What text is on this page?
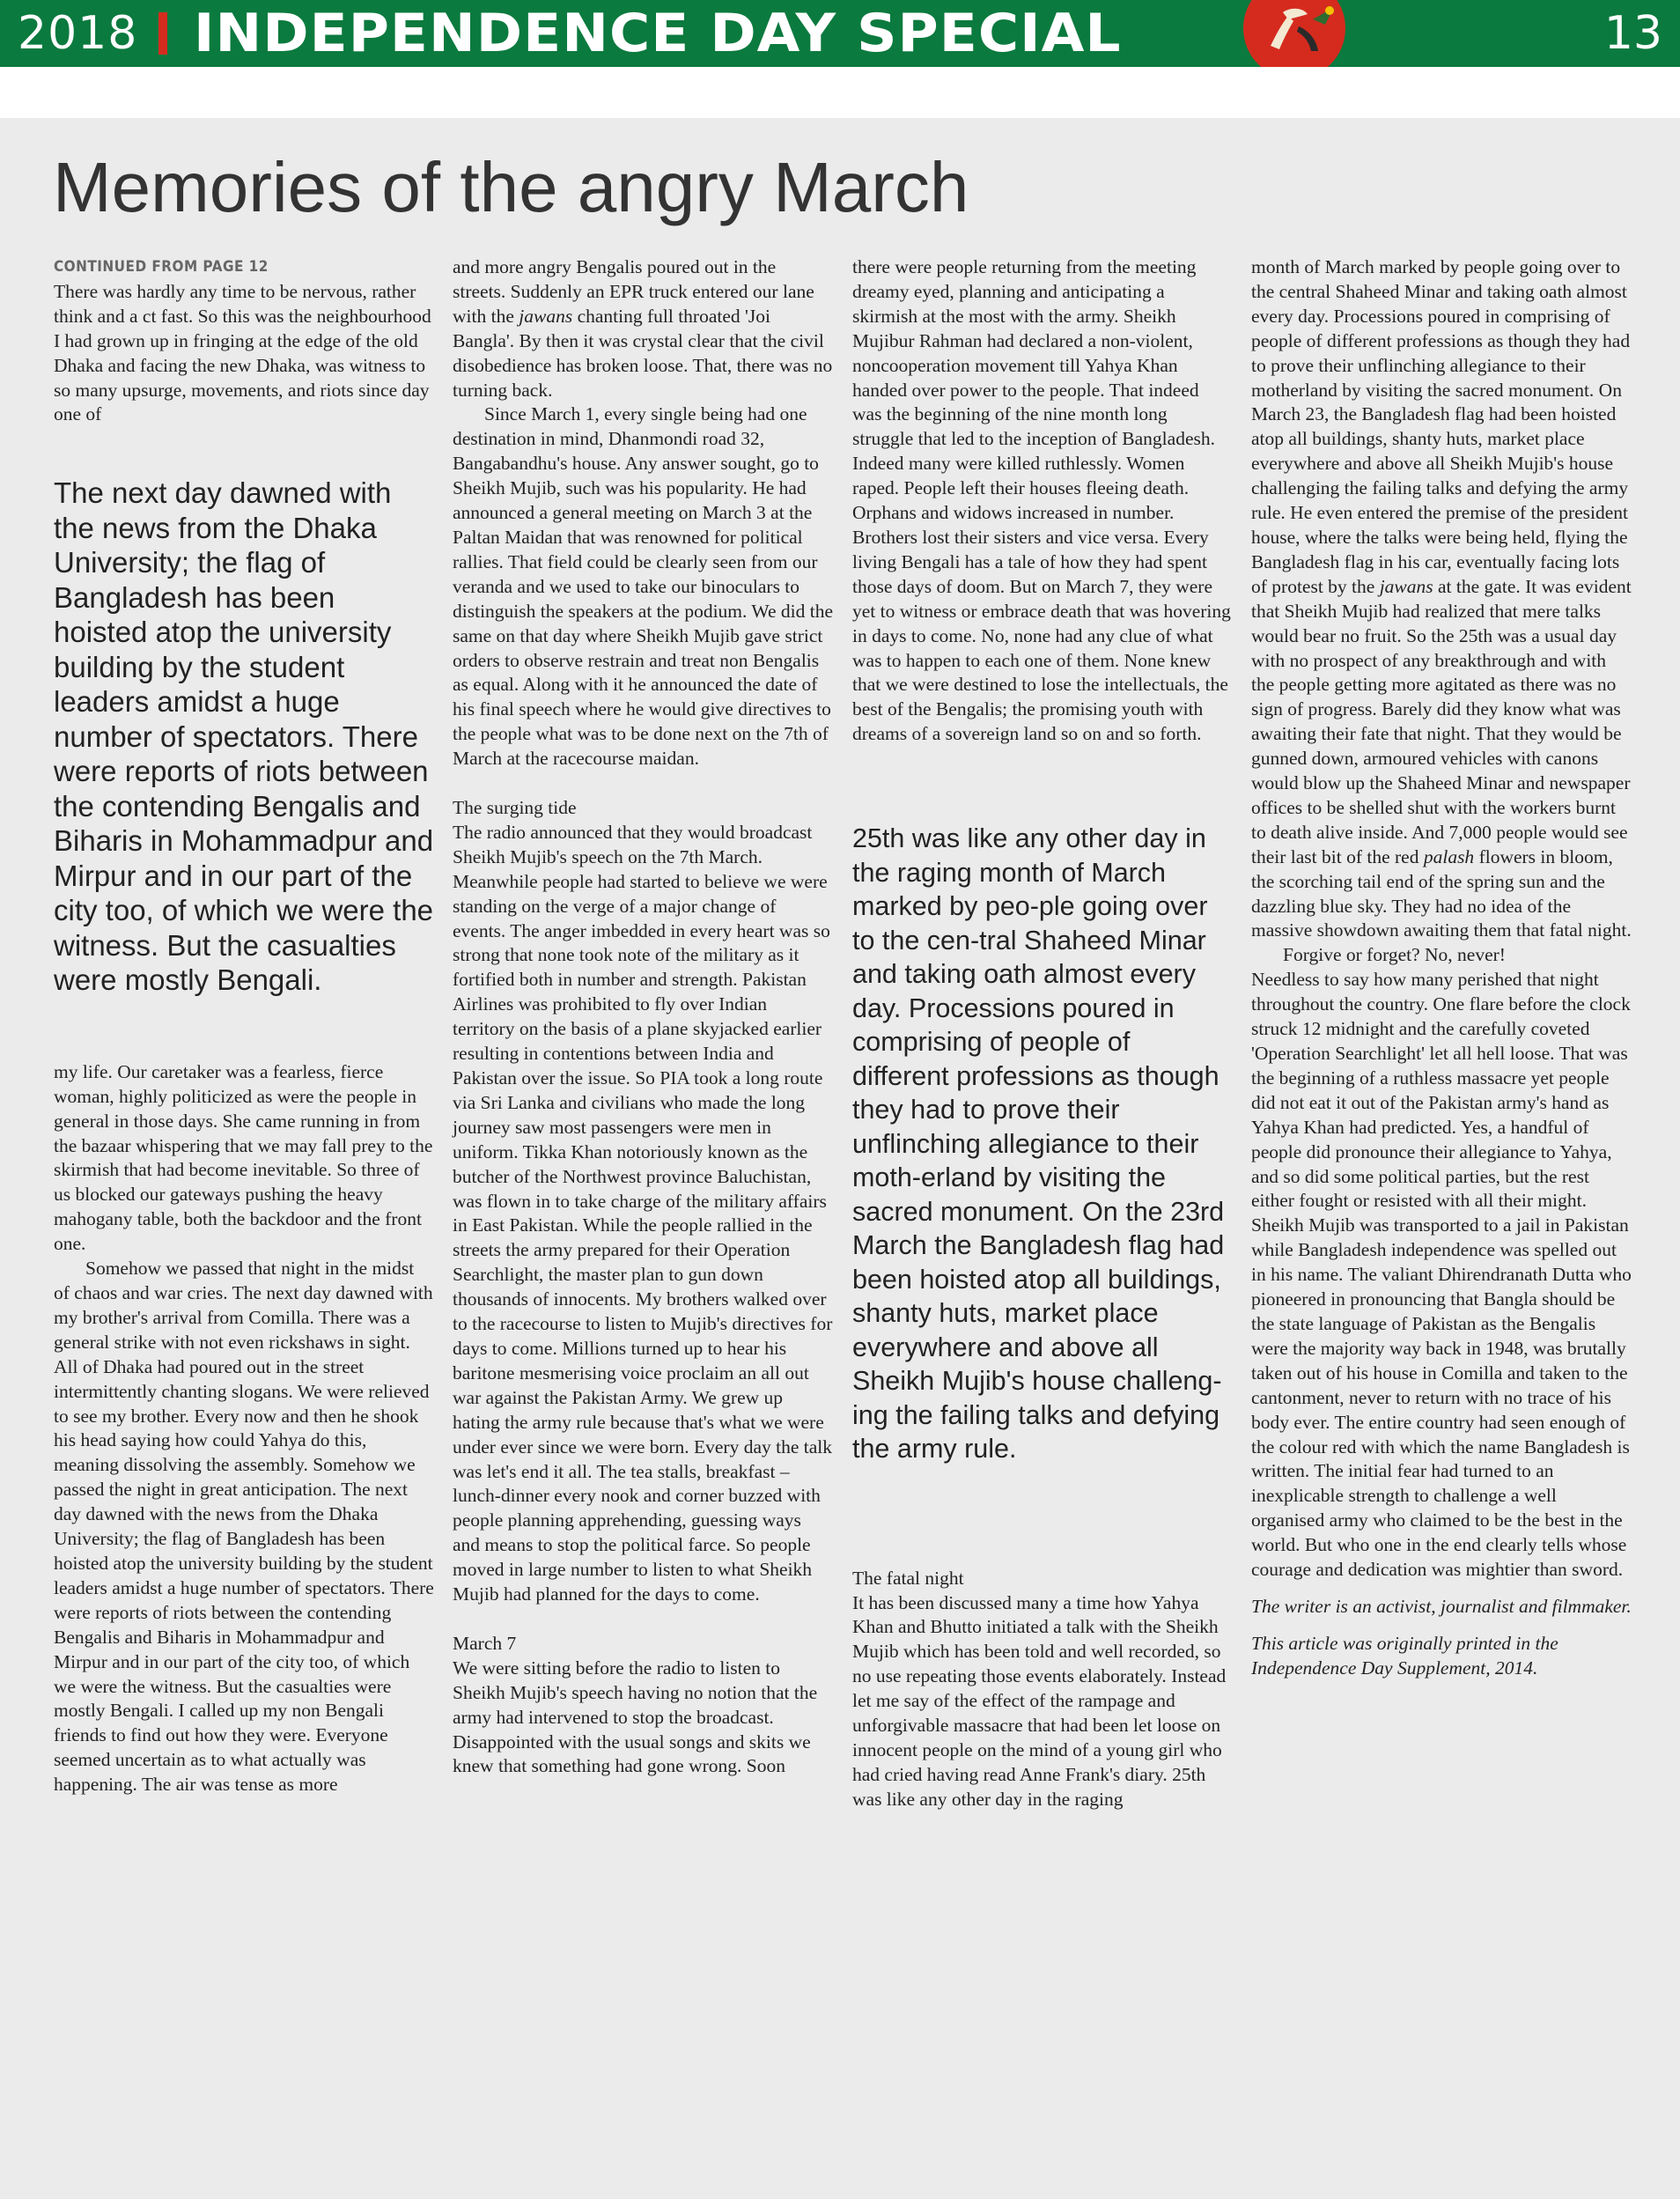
2018 INDEPENDENCE DAY SPECIAL	13
Memories of the angry March

CONTINUED FROM PAGE 12

There was hardly any time to be nervous, rather think and a ct fast. So this was the neighbourhood I had grown up in fringing at the edge of the old Dhaka and facing the new Dhaka, was witness to so many upsurge, movements, and riots since day one of

The next day dawned with the news from the Dhaka University; the flag of Bangladesh has been hoisted atop the university building by the student leaders amidst a huge number of spectators. There were reports of riots between the contending Bengalis and Biharis in Mohammadpur and Mirpur and in our part of the city too, of which we were the witness. But the casualties were mostly Bengali.

my life. Our caretaker was a fearless, fierce woman, highly politicized as were the people in general in those days. She came running in from the bazaar whispering that we may fall prey to the skirmish that had become inevitable. So three of us blocked our gateways pushing the heavy mahogany table, both the backdoor and the front one.

Somehow we passed that night in the midst of chaos and war cries. The next day dawned with my brother's arrival from Comilla. There was a general strike with not even rickshaws in sight. All of Dhaka had poured out in the street intermittently chanting slogans. We were relieved to see my brother. Every now and then he shook his head saying how could Yahya do this, meaning dissolving the assembly. Somehow we passed the night in great anticipation. The next day dawned with the news from the Dhaka University; the flag of Bangladesh has been hoisted atop the university building by the student leaders amidst a huge number of spectators. There were reports of riots between the contending Bengalis and Biharis in Mohammadpur and Mirpur and in our part of the city too, of which we were the witness. But the casualties were mostly Bengali. I called up my non Bengali friends to find out how they were. Everyone seemed uncertain as to what actually was happening. The air was tense as more

and more angry Bengalis poured out in the streets. Suddenly an EPR truck entered our lane with the jawans chanting full throated 'Joi Bangla'. By then it was crystal clear that the civil disobedience has broken loose. That, there was no turning back.

Since March 1, every single being had one destination in mind, Dhanmondi road 32, Bangabandhu's house. Any answer sought, go to Sheikh Mujib, such was his popularity. He had announced a general meeting on March 3 at the Paltan Maidan that was renowned for political rallies. That field could be clearly seen from our veranda and we used to take our binoculars to distinguish the speakers at the podium. We did the same on that day where Sheikh Mujib gave strict orders to observe restrain and treat non Bengalis as equal. Along with it he announced the date of his final speech where he would give directives to the people what was to be done next on the 7th of March at the racecourse maidan.

The surging tide

The radio announced that they would broadcast Sheikh Mujib's speech on the 7th March. Meanwhile people had started to believe we were standing on the verge of a major change of events. The anger imbedded in every heart was so strong that none took note of the military as it fortified both in number and strength. Pakistan Airlines was prohibited to fly over Indian territory on the basis of a plane skyjacked earlier resulting in contentions between India and Pakistan over the issue. So PIA took a long route via Sri Lanka and civilians who made the long journey saw most passengers were men in uniform. Tikka Khan notoriously known as the butcher of the Northwest province Baluchistan, was flown in to take charge of the military affairs in East Pakistan. While the people rallied in the streets the army prepared for their Operation Searchlight, the master plan to gun down thousands of innocents. My brothers walked over to the racecourse to listen to Mujib's directives for days to come. Millions turned up to hear his baritone mesmerising voice proclaim an all out war against the Pakistan Army. We grew up hating the army rule because that's what we were under ever since we were born. Every day the talk was let's end it all. The tea stalls, breakfast –lunch-dinner every nook and corner buzzed with people planning apprehending, guessing ways and means to stop the political farce. So people moved in large number to listen to what Sheikh Mujib had planned for the days to come.

March 7

We were sitting before the radio to listen to Sheikh Mujib's speech having no notion that the army had intervened to stop the broadcast. Disappointed with the usual songs and skits we knew that something had gone wrong. Soon

there were people returning from the meeting dreamy eyed, planning and anticipating a skirmish at the most with the army. Sheikh Mujibur Rahman had declared a non-violent, noncooperation movement till Yahya Khan handed over power to the people. That indeed was the beginning of the nine month long struggle that led to the inception of Bangladesh. Indeed many were killed ruthlessly. Women raped. People left their houses fleeing death. Orphans and widows increased in number. Brothers lost their sisters and vice versa. Every living Bengali has a tale of how they had spent those days of doom. But on March 7, they were yet to witness or embrace death that was hovering in days to come. No, none had any clue of what was to happen to each one of them. None knew that we were destined to lose the intellectuals, the best of the Bengalis; the promising youth with dreams of a sovereign land so on and so forth.

25th was like any other day in the raging month of March marked by peo-ple going over to the cen-tral Shaheed Minar and taking oath almost every day. Processions poured in comprising of people of different professions as though they had to prove their unflinching allegiance to their moth-erland by visiting the sacred monument. On the 23rd March the Bangladesh flag had been hoisted atop all buildings, shanty huts, market place everywhere and above all Sheikh Mujib's house challeng-ing the failing talks and defying the army rule.

The fatal night

It has been discussed many a time how Yahya Khan and Bhutto initiated a talk with the Sheikh Mujib which has been told and well recorded, so no use repeating those events elaborately. Instead let me say of the effect of the rampage and unforgivable massacre that had been let loose on innocent people on the mind of a young girl who had cried having read Anne Frank's diary. 25th was like any other day in the raging

month of March marked by people going over to the central Shaheed Minar and taking oath almost every day. Processions poured in comprising of people of different professions as though they had to prove their unflinching allegiance to their motherland by visiting the sacred monument. On March 23, the Bangladesh flag had been hoisted atop all buildings, shanty huts, market place everywhere and above all Sheikh Mujib's house challenging the failing talks and defying the army rule. He even entered the premise of the president house, where the talks were being held, flying the Bangladesh flag in his car, eventually facing lots of protest by the jawans at the gate. It was evident that Sheikh Mujib had realized that mere talks would bear no fruit. So the 25th was a usual day with no prospect of any breakthrough and with the people getting more agitated as there was no sign of progress. Barely did they know what was awaiting their fate that night. That they would be gunned down, armoured vehicles with canons would blow up the Shaheed Minar and newspaper offices to be shelled shut with the workers burnt to death alive inside. And 7,000 people would see their last bit of the red palash flowers in bloom, the scorching tail end of the spring sun and the dazzling blue sky. They had no idea of the massive showdown awaiting them that fatal night.

Forgive or forget? No, never!

Needless to say how many perished that night throughout the country. One flare before the clock struck 12 midnight and the carefully coveted 'Operation Searchlight' let all hell loose. That was the beginning of a ruthless massacre yet people did not eat it out of the Pakistan army's hand as Yahya Khan had predicted. Yes, a handful of people did pronounce their allegiance to Yahya, and so did some political parties, but the rest either fought or resisted with all their might. Sheikh Mujib was transported to a jail in Pakistan while Bangladesh independence was spelled out in his name. The valiant Dhirendranath Dutta who pioneered in pronouncing that Bangla should be the state language of Pakistan as the Bengalis were the majority way back in 1948, was brutally taken out of his house in Comilla and taken to the cantonment, never to return with no trace of his body ever. The entire country had seen enough of the colour red with which the name Bangladesh is written. The initial fear had turned to an inexplicable strength to challenge a well organised army who claimed to be the best in the world. But who one in the end clearly tells whose courage and dedication was mightier than sword.

The writer is an activist, journalist and filmmaker.

This article was originally printed in the Independence Day Supplement, 2014.
